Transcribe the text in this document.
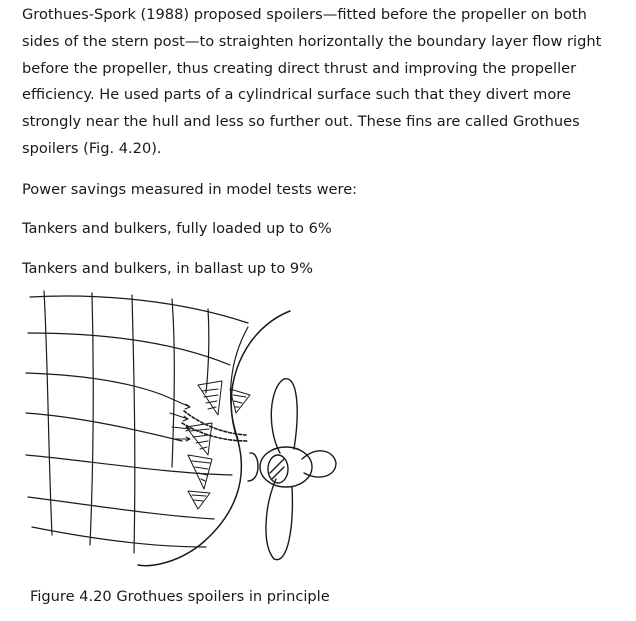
Grothues-Spork (1988) proposed spoilers—fitted before the propeller on both sides of the stern post—to straighten horizontally the boundary layer flow right before the propeller, thus creating direct thrust and improving the propeller efficiency. He used parts of a cylindrical surface such that they divert more strongly near the hull and less so further out. These fins are called Grothues spoilers (Fig. 4.20).

Power savings measured in model tests were:

Tankers and bulkers, fully loaded up to 6%

Tankers and bulkers, in ballast up to 9%

Figure 4.20 Grothues spoilers in principle
